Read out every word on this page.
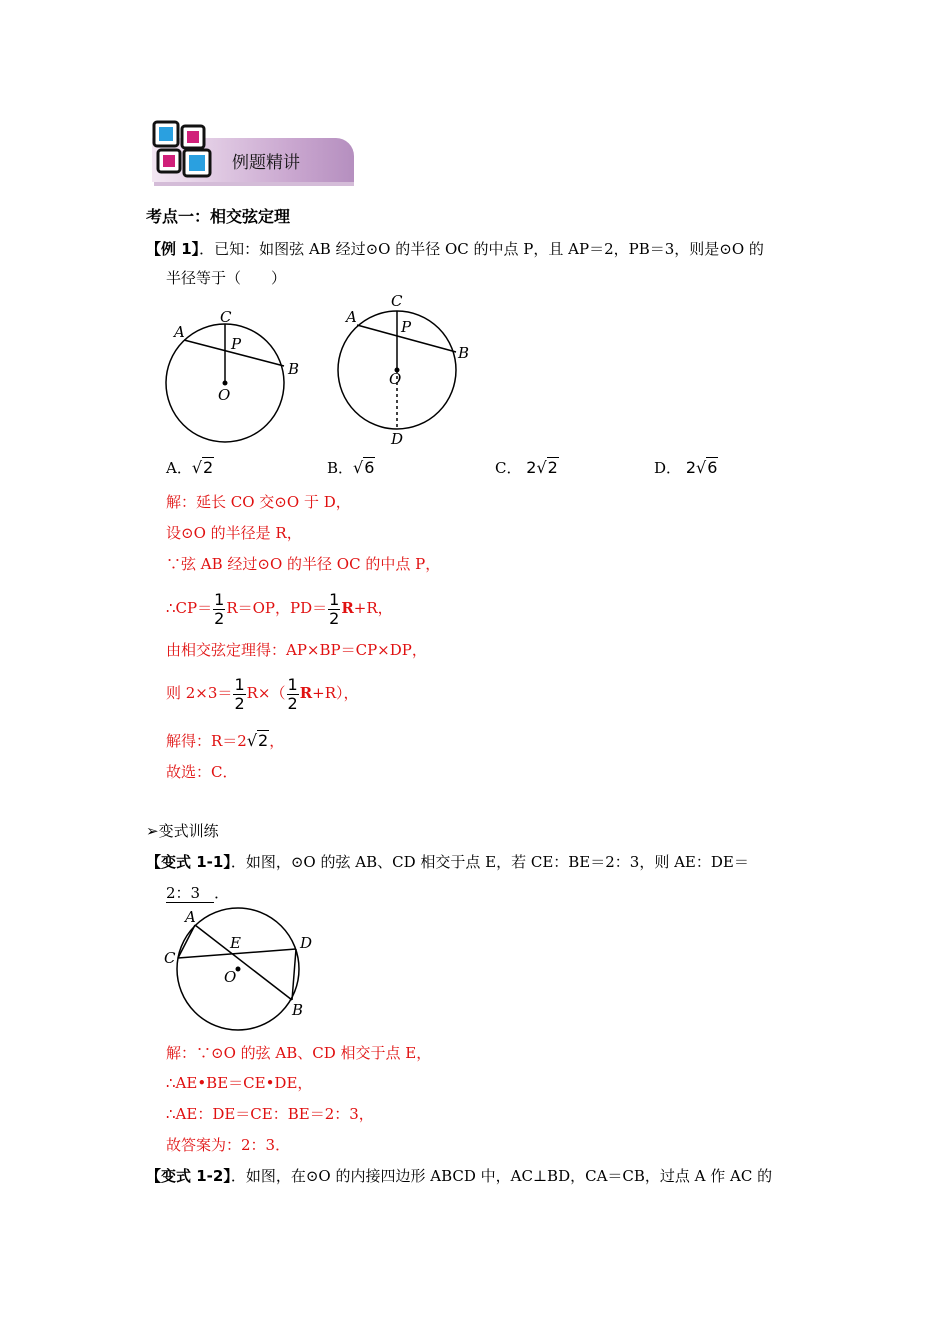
例题精讲
考点一：相交弦定理
【例 1】．已知：如图弦 AB 经过⊙O 的半径 OC 的中点 P，且 AP＝2，PB＝3，则是⊙O 的
半径等于（　　）
A
C
P
B
O
A
C
P
B
O
D
A．√2	B．√6	C． 2√2	D． 2√6
解：延长 CO 交⊙O 于 D，
设⊙O 的半径是 R，
∵弦 AB 经过⊙O 的半径 OC 的中点 P，
∴CP＝ $\frac{1}{2} R=OP$，$PD= \frac{1}{2} R+R$，
由相交弦定理得：AP×BP＝CP×DP，
则 $2\times 3= \frac{1}{2} R\times( \frac{1}{2} R+R)$，
解得：R＝2√2，
故选：C．
➢变式训练
【变式 1-1】．如图，⊙O 的弦 AB、CD 相交于点 E，若 CE：BE＝2：3，则 AE：DE＝
2：3 ．
A
E	D
C
O
B
解：∵⊙O 的弦 AB、CD 相交于点 E，
∴AE•BE＝CE•DE，
∴AE：DE＝CE：BE＝2：3，
故答案为：2：3．
【变式 1-2】．如图，在⊙O 的内接四边形 ABCD 中，AC⊥BD，CA＝CB，过点 A 作 AC 的
